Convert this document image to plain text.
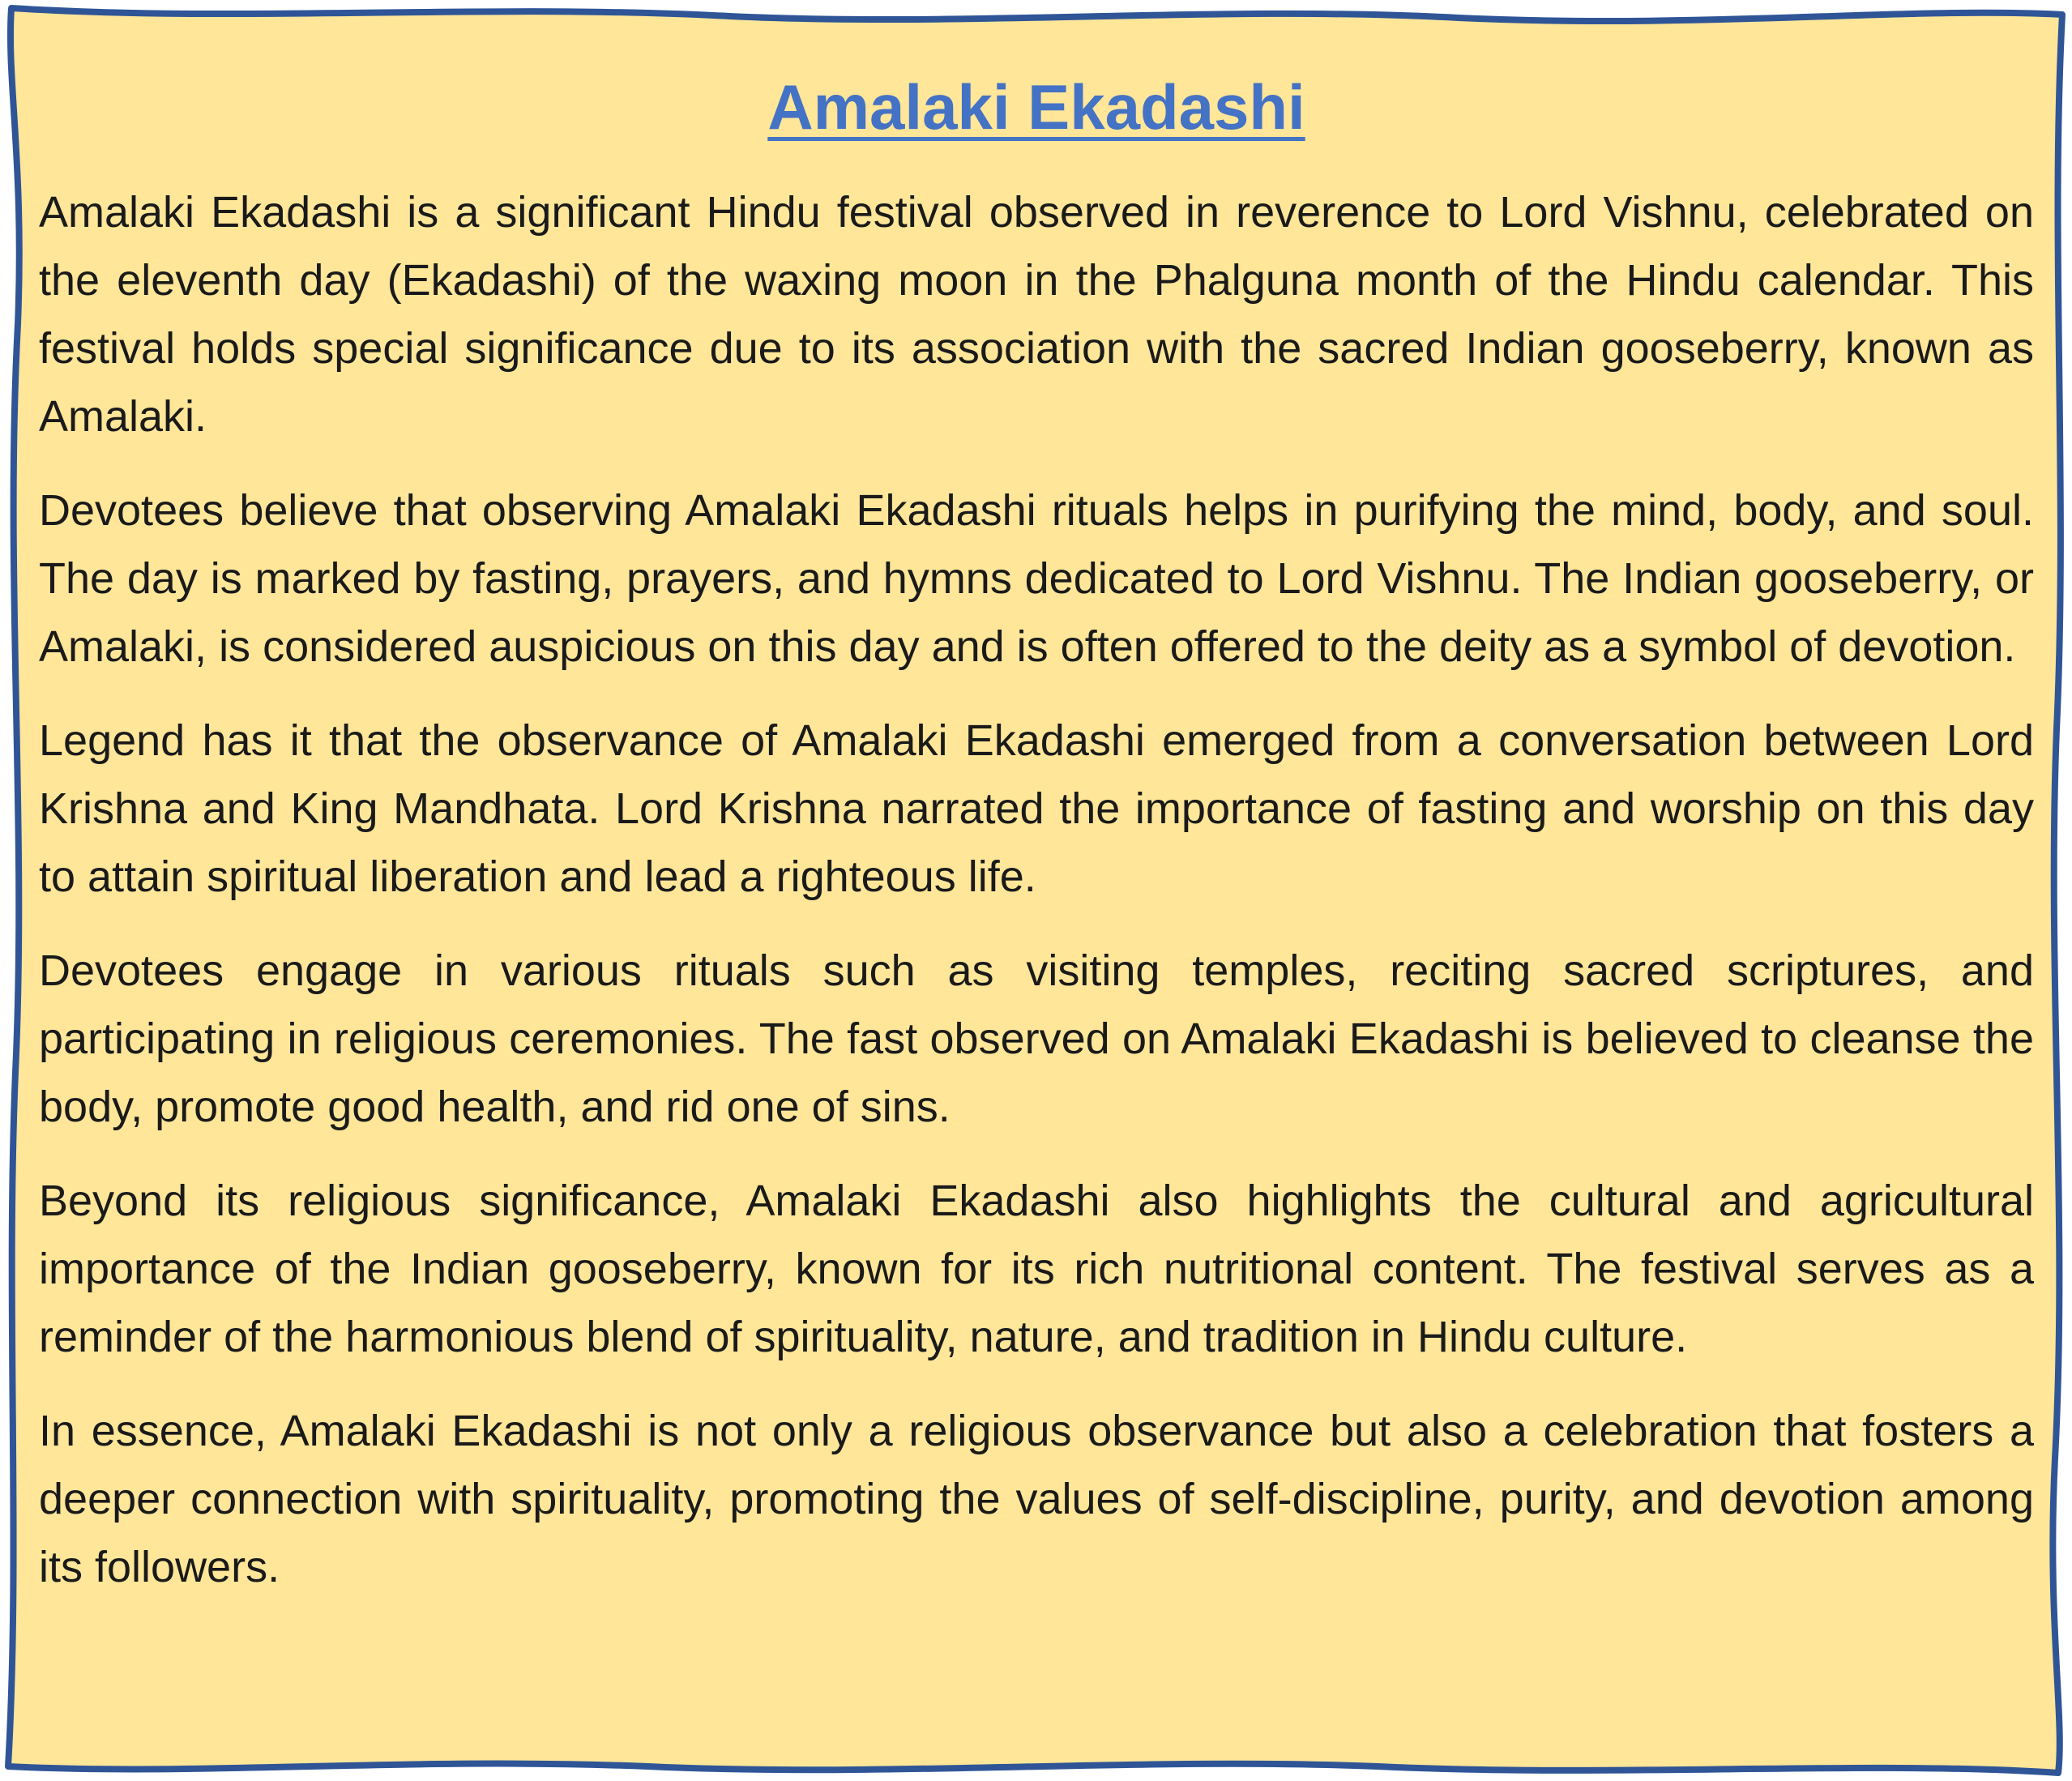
Amalaki Ekadashi

Amalaki Ekadashi is a significant Hindu festival observed in reverence to Lord Vishnu, celebrated on the eleventh day (Ekadashi) of the waxing moon in the Phalguna month of the Hindu calendar. This festival holds special significance due to its association with the sacred Indian gooseberry, known as Amalaki.

Devotees believe that observing Amalaki Ekadashi rituals helps in purifying the mind, body, and soul. The day is marked by fasting, prayers, and hymns dedicated to Lord Vishnu. The Indian gooseberry, or Amalaki, is considered auspicious on this day and is often offered to the deity as a symbol of devotion.

Legend has it that the observance of Amalaki Ekadashi emerged from a conversation between Lord Krishna and King Mandhata. Lord Krishna narrated the importance of fasting and worship on this day to attain spiritual liberation and lead a righteous life.

Devotees engage in various rituals such as visiting temples, reciting sacred scriptures, and participating in religious ceremonies. The fast observed on Amalaki Ekadashi is believed to cleanse the body, promote good health, and rid one of sins.

Beyond its religious significance, Amalaki Ekadashi also highlights the cultural and agricultural importance of the Indian gooseberry, known for its rich nutritional content. The festival serves as a reminder of the harmonious blend of spirituality, nature, and tradition in Hindu culture.

In essence, Amalaki Ekadashi is not only a religious observance but also a celebration that fosters a deeper connection with spirituality, promoting the values of self-discipline, purity, and devotion among its followers.
